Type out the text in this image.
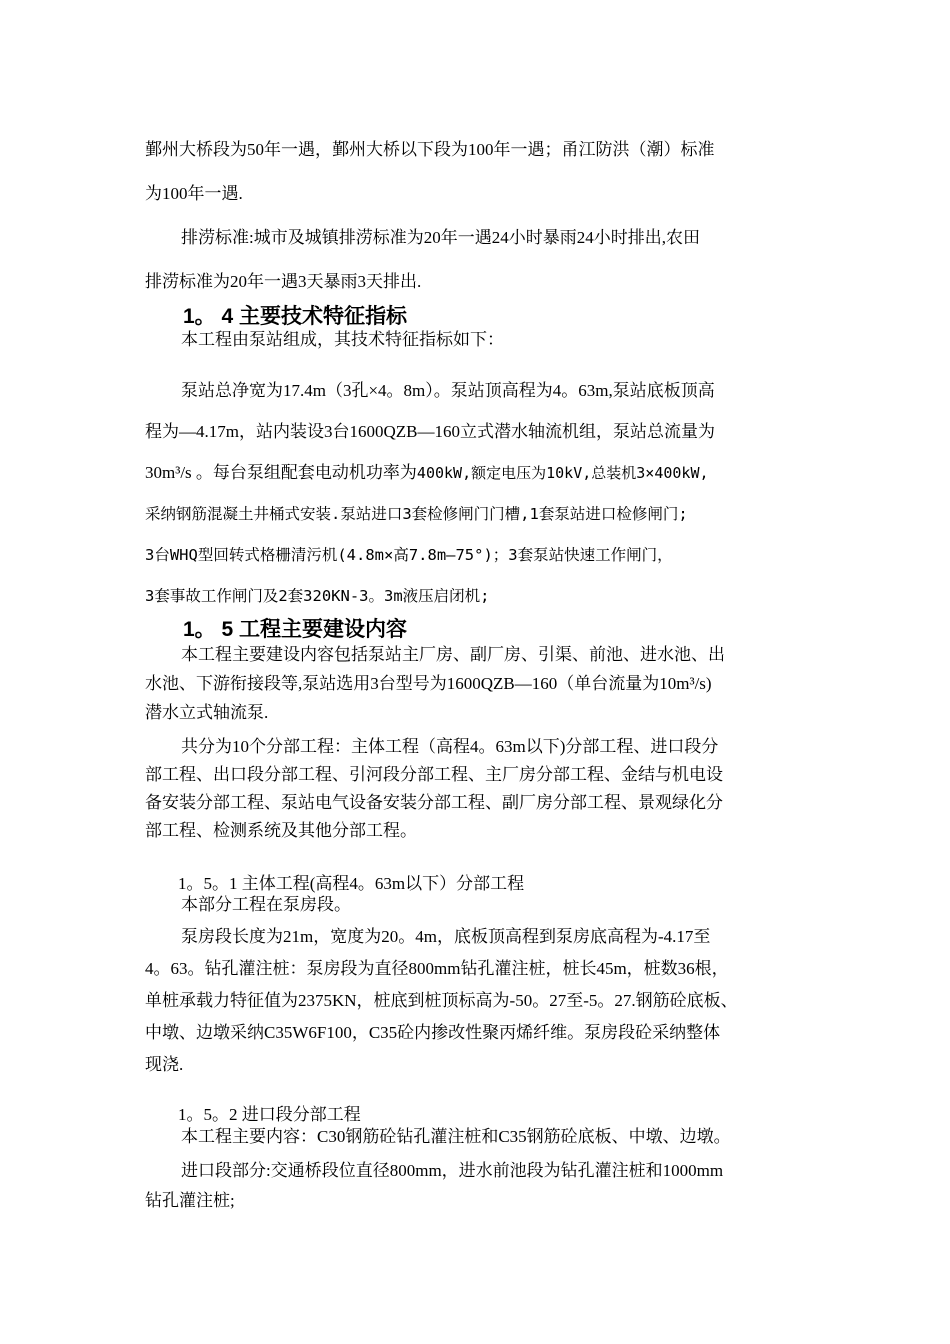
鄞州大桥段为50年一遇，鄞州大桥以下段为100年一遇；甬江防洪（潮）标准
为100年一遇.
排涝标准:城市及城镇排涝标准为20年一遇24小时暴雨24小时排出,农田
排涝标准为20年一遇3天暴雨3天排出.
1。 4 主要技术特征指标
本工程由泵站组成，其技术特征指标如下：
泵站总净宽为17.4m（3孔×4。8m）。泵站顶高程为4。63m,泵站底板顶高
程为—4.17m，站内装设3台1600QZB—160立式潜水轴流机组，泵站总流量为
30m³/s 。每台泵组配套电动机功率为400kW,额定电压为10kV,总装机3×400kW,
采纳钢筋混凝土井桶式安装.泵站进口3套检修闸门门槽,1套泵站进口检修闸门;
3台WHQ型回转式格栅清污机(4.8m×高7.8m—75°)；3套泵站快速工作闸门，
3套事故工作闸门及2套320KN-3。3m液压启闭机;
1。 5 工程主要建设内容
本工程主要建设内容包括泵站主厂房、副厂房、引渠、前池、进水池、出
水池、下游衔接段等,泵站选用3台型号为1600QZB—160（单台流量为10m³/s)
潜水立式轴流泵.
共分为10个分部工程：主体工程（高程4。63m以下)分部工程、进口段分
部工程、出口段分部工程、引河段分部工程、主厂房分部工程、金结与机电设
备安装分部工程、泵站电气设备安装分部工程、副厂房分部工程、景观绿化分
部工程、检测系统及其他分部工程。
1。5。1 主体工程(高程4。63m以下）分部工程
本部分工程在泵房段。
泵房段长度为21m，宽度为20。4m，底板顶高程到泵房底高程为-4.17至
4。63。钻孔灌注桩：泵房段为直径800mm钻孔灌注桩，桩长45m，桩数36根，
单桩承载力特征值为2375KN，桩底到桩顶标高为-50。27至-5。27.钢筋砼底板、
中墩、边墩采纳C35W6F100，C35砼内掺改性聚丙烯纤维。泵房段砼采纳整体
现浇.
1。5。2 进口段分部工程
本工程主要内容：C30钢筋砼钻孔灌注桩和C35钢筋砼底板、中墩、边墩。
进口段部分:交通桥段位直径800mm，进水前池段为钻孔灌注桩和1000mm
钻孔灌注桩;
